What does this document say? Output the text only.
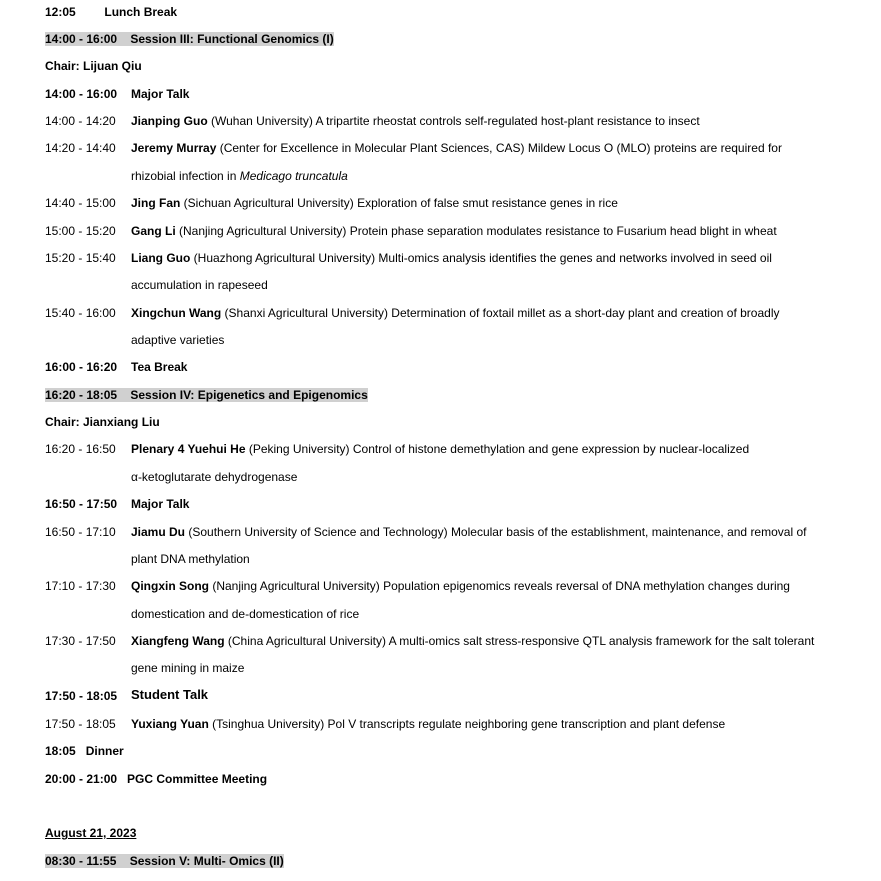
12:05 Lunch Break
14:00 - 16:00    Session III: Functional Genomics (I)
Chair: Lijuan Qiu
14:00 - 16:00 Major Talk
14:00 - 14:20 Jianping Guo (Wuhan University) A tripartite rheostat controls self-regulated host-plant resistance to insect
14:20 - 14:40 Jeremy Murray (Center for Excellence in Molecular Plant Sciences, CAS) Mildew Locus O (MLO) proteins are required for
rhizobial infection in Medicago truncatula
14:40 - 15:00 Jing Fan (Sichuan Agricultural University) Exploration of false smut resistance genes in rice
15:00 - 15:20 Gang Li (Nanjing Agricultural University) Protein phase separation modulates resistance to Fusarium head blight in wheat
15:20 - 15:40 Liang Guo (Huazhong Agricultural University) Multi-omics analysis identifies the genes and networks involved in seed oil
accumulation in rapeseed
15:40 - 16:00 Xingchun Wang (Shanxi Agricultural University) Determination of foxtail millet as a short-day plant and creation of broadly
adaptive varieties
16:00 - 16:20 Tea Break
16:20 - 18:05    Session IV: Epigenetics and Epigenomics
Chair: Jianxiang Liu
16:20 - 16:50 Plenary 4 Yuehui He (Peking University) Control of histone demethylation and gene expression by nuclear-localized
α-ketoglutarate dehydrogenase
16:50 - 17:50 Major Talk
16:50 - 17:10 Jiamu Du (Southern University of Science and Technology) Molecular basis of the establishment, maintenance, and removal of
plant DNA methylation
17:10 - 17:30 Qingxin Song (Nanjing Agricultural University) Population epigenomics reveals reversal of DNA methylation changes during
domestication and de-domestication of rice
17:30 - 17:50 Xiangfeng Wang (China Agricultural University) A multi-omics salt stress-responsive QTL analysis framework for the salt tolerant
gene mining in maize
17:50 - 18:05 Student Talk
17:50 - 18:05 Yuxiang Yuan (Tsinghua University) Pol V transcripts regulate neighboring gene transcription and plant defense
18:05   Dinner
20:00 - 21:00   PGC Committee Meeting
August 21, 2023
08:30 - 11:55    Session V: Multi- Omics (II)
